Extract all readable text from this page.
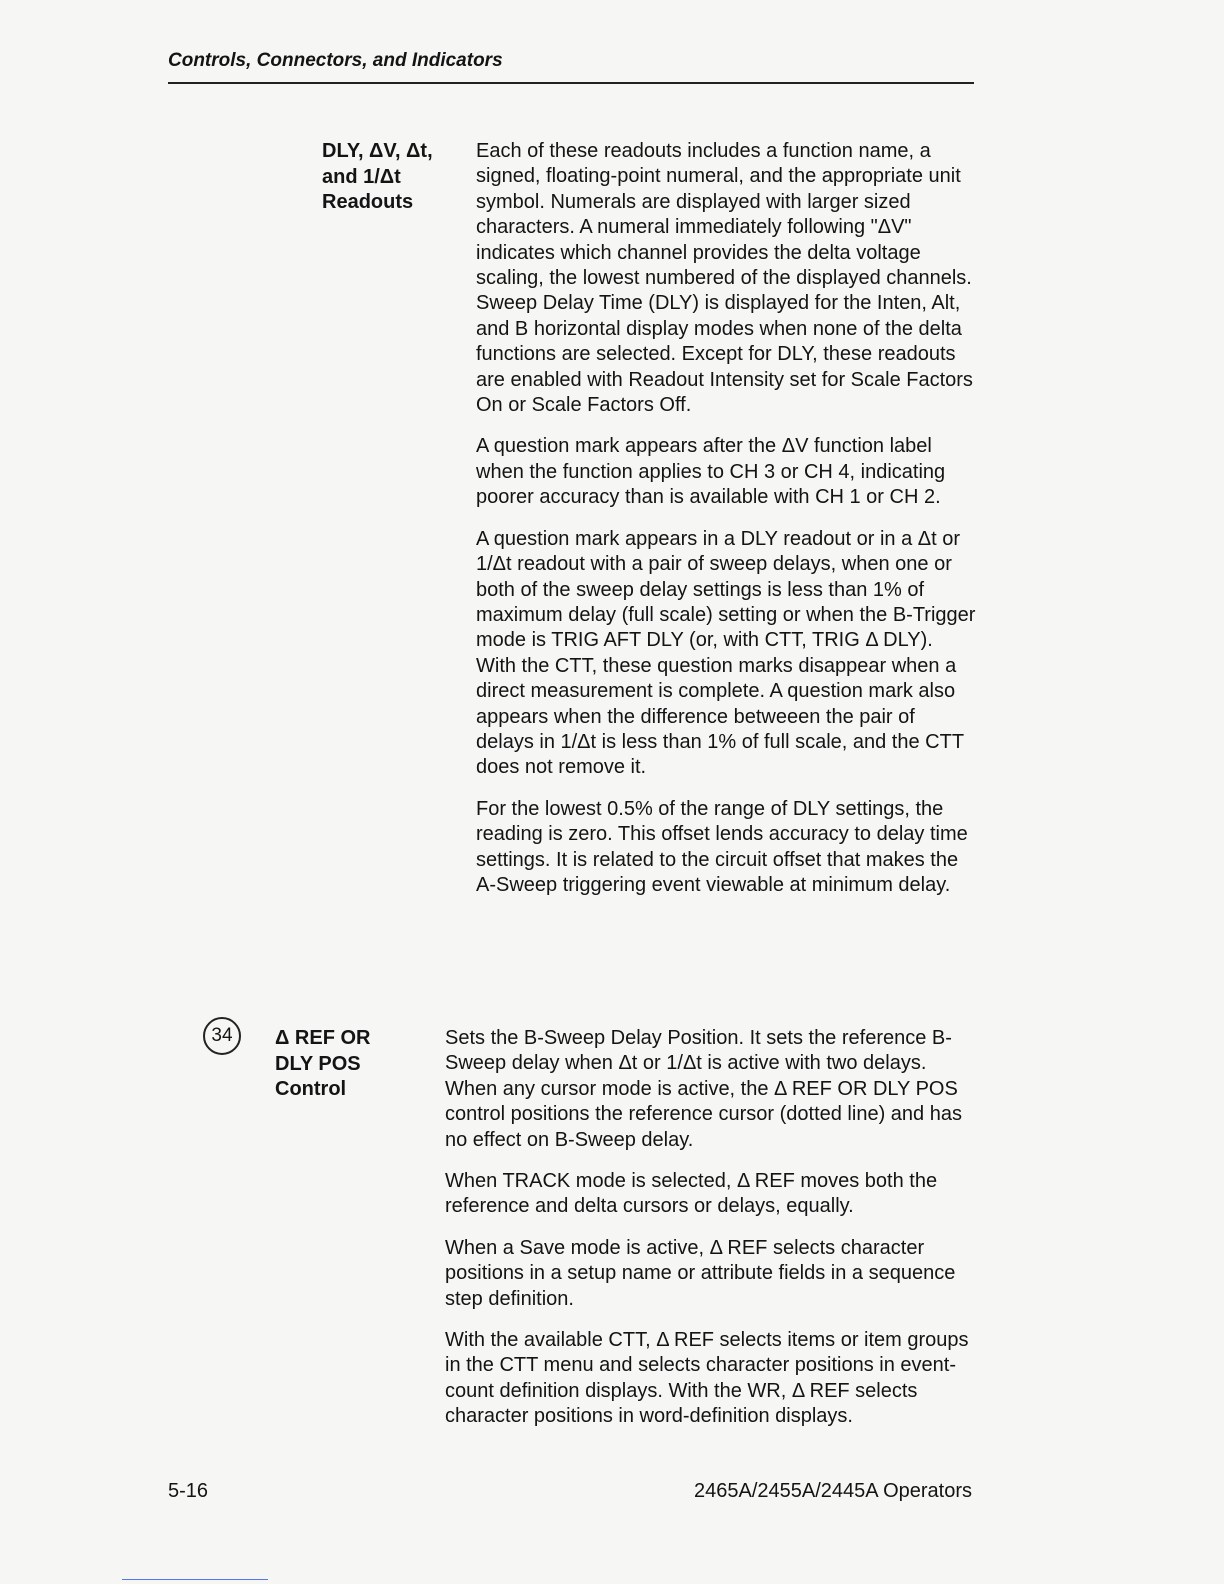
Controls, Connectors, and Indicators
DLY, ΔV, Δt,
and 1/Δt
Readouts

Each of these readouts includes a function name, a signed, floating-point numeral, and the appropriate unit symbol. Numerals are displayed with larger sized characters. A numeral immediately following "ΔV" indicates which channel provides the delta voltage scaling, the lowest numbered of the displayed channels. Sweep Delay Time (DLY) is displayed for the Inten, Alt, and B horizontal display modes when none of the delta functions are selected. Except for DLY, these readouts are enabled with Readout Intensity set for Scale Factors On or Scale Factors Off.

A question mark appears after the ΔV function label when the function applies to CH 3 or CH 4, indicating poorer accuracy than is available with CH 1 or CH 2.

A question mark appears in a DLY readout or in a Δt or 1/Δt readout with a pair of sweep delays, when one or both of the sweep delay settings is less than 1% of maximum delay (full scale) setting or when the B-Trigger mode is TRIG AFT DLY (or, with CTT, TRIG Δ DLY). With the CTT, these question marks disappear when a direct measurement is complete. A question mark also appears when the difference betweeen the pair of delays in 1/Δt is less than 1% of full scale, and the CTT does not remove it.

For the lowest 0.5% of the range of DLY settings, the reading is zero. This offset lends accuracy to delay time settings. It is related to the circuit offset that makes the A-Sweep triggering event viewable at minimum delay.

34	Δ REF OR
DLY POS
Control

Sets the B-Sweep Delay Position. It sets the reference B-Sweep delay when Δt or 1/Δt is active with two delays. When any cursor mode is active, the Δ REF OR DLY POS control positions the reference cursor (dotted line) and has no effect on B-Sweep delay.

When TRACK mode is selected, Δ REF moves both the reference and delta cursors or delays, equally.

When a Save mode is active, Δ REF selects character positions in a setup name or attribute fields in a sequence step definition.

With the available CTT, Δ REF selects items or item groups in the CTT menu and selects character positions in event-count definition displays. With the WR, Δ REF selects character positions in word-definition displays.

5-16	2465A/2455A/2445A Operators
